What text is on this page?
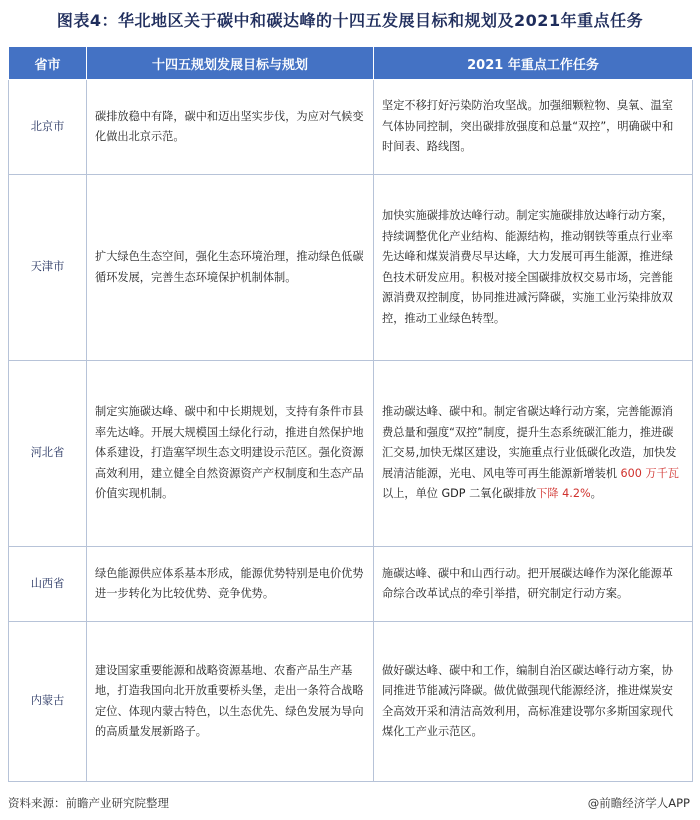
图表4：华北地区关于碳中和碳达峰的十四五发展目标和规划及2021年重点任务
省市	十四五规划发展目标与规划	2021 年重点工作任务
北京市	碳排放稳中有降，碳中和迈出坚实步伐，为应对气候变化做出北京示范。	坚定不移打好污染防治攻坚战。加强细颗粒物、臭氧、温室气体协同控制，突出碳排放强度和总量“双控”，明确碳中和时间表、路线图。
天津市	扩大绿色生态空间，强化生态环境治理，推动绿色低碳循环发展，完善生态环境保护机制体制。	加快实施碳排放达峰行动。制定实施碳排放达峰行动方案，持续调整优化产业结构、能源结构，推动钢铁等重点行业率先达峰和煤炭消费尽早达峰，大力发展可再生能源，推进绿色技术研发应用。积极对接全国碳排放权交易市场，完善能源消费双控制度，协同推进减污降碳，实施工业污染排放双控，推动工业绿色转型。
河北省	制定实施碳达峰、碳中和中长期规划，支持有条件市县率先达峰。开展大规模国土绿化行动，推进自然保护地体系建设，打造塞罕坝生态文明建设示范区。强化资源高效利用，建立健全自然资源资产产权制度和生态产品价值实现机制。	推动碳达峰、碳中和。制定省碳达峰行动方案，完善能源消费总量和强度“双控”制度，提升生态系统碳汇能力，推进碳汇交易,加快无煤区建设，实施重点行业低碳化改造，加快发展清洁能源，光电、风电等可再生能源新增装机 600 万千瓦以上，单位 GDP 二氧化碳排放下降 4.2%。
山西省	绿色能源供应体系基本形成，能源优势特别是电价优势进一步转化为比较优势、竞争优势。	施碳达峰、碳中和山西行动。把开展碳达峰作为深化能源革命综合改革试点的牵引举措，研究制定行动方案。
内蒙古	建设国家重要能源和战略资源基地、农畜产品生产基地，打造我国向北开放重要桥头堡，走出一条符合战略定位、体现内蒙古特色，以生态优先、绿色发展为导向的高质量发展新路子。	做好碳达峰、碳中和工作，编制自治区碳达峰行动方案，协同推进节能减污降碳。做优做强现代能源经济，推进煤炭安全高效开采和清洁高效利用，高标准建设鄂尔多斯国家现代煤化工产业示范区。
资料来源：前瞻产业研究院整理	@前瞻经济学人APP
